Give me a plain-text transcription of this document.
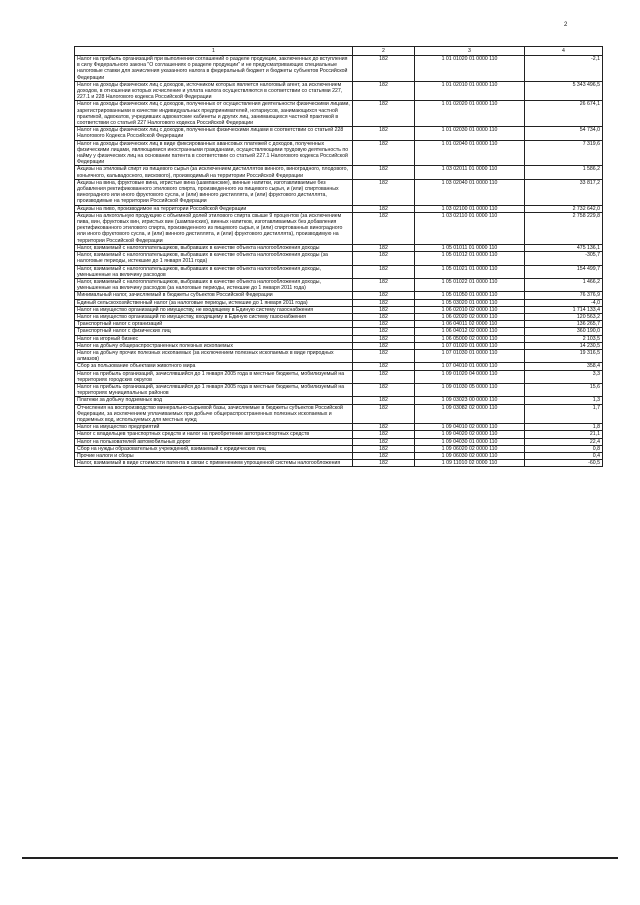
2
1	2	3	4
Налог на прибыль организаций при выполнении соглашений о разделе продукции, заключенных до вступления в силу Федерального закона "О соглашениях о разделе продукции" и не предусматривающих специальные налоговые ставки для зачисления указанного налога в федеральный бюджет и бюджеты субъектов Российской Федерации	182	1 01 01020 01 0000 110	-2,1
Налог на доходы физических лиц с доходов, источником которых является налоговый агент, за исключением доходов, в отношении которых исчисление и уплата налога осуществляются в соответствии со статьями 227, 227.1 и 228 Налогового кодекса Российской Федерации	182	1 01 02010 01 0000 110	5 343 496,5
Налог на доходы физических лиц с доходов, полученных от осуществления деятельности физическими лицами, зарегистрированными в качестве индивидуальных предпринимателей, нотариусов, занимающихся частной практикой, адвокатов, учредивших адвокатские кабинеты и других лиц, занимающихся частной практикой в соответствии со статьей 227 Налогового кодекса Российской Федерации	182	1 01 02020 01 0000 110	26 674,1
Налог на доходы физических лиц с доходов, полученных физическими лицами в соответствии со статьей 228 Налогового Кодекса Российской Федерации	182	1 01 02030 01 0000 110	54 734,0
Налог на доходы физических лиц в виде фиксированных авансовых платежей с доходов, полученных физическими лицами, являющимися иностранными гражданами, осуществляющими трудовую деятельность по найму у физических лиц на основании патента в соответствии со статьей 227.1 Налогового кодекса Российской Федерации	182	1 01 02040 01 0000 110	7 319,6
Акцизы на этиловый спирт из пищевого сырья (за исключением дистиллятов винного, виноградного, плодового, коньячного, кальвадосного, вискового), производимый на территории Российской Федерации	182	1 03 02011 01 0000 110	1 586,2
Акцизы на вина, фруктовые вина, игристые вина (шампанские), винные напитки, изготавливаемые без добавления ректификованного этилового спирта, произведенного из пищевого сырья, и (или) спиртованных виноградного или иного фруктового сусла, и (или) винного дистиллята, и (или) фруктового дистиллята, производимые на территории Российской Федерации	182	1 03 02040 01 0000 110	33 817,2
Акцизы на пиво, производимое на территории Российской Федерации	182	1 03 02100 01 0000 110	2 732 642,0
Акцизы на алкогольную продукцию с объемной долей этилового спирта свыше 9 процентов (за исключением пива, вин, фруктовых вин, игристых вин (шампанских), винных напитков, изготавливаемых без добавления ректификованного этилового спирта, произведенного из пищевого сырья, и (или) спиртованных виноградного или иного фруктового сусла, и (или) винного дистиллята, и (или) фруктового дистиллята), производимую на территории Российской Федерации	182	1 03 02110 01 0000 110	2 758 229,8
Налог, взимаемый с налогоплательщиков, выбравших в качестве объекта налогообложения доходы	182	1 05 01011 01 0000 110	475 136,1
Налог, взимаемый с налогоплательщиков, выбравших в качестве объекта налогообложения доходы (за налоговые периоды, истекшие до 1 января 2011 года)	182	1 05 01012 01 0000 110	-305,7
Налог, взимаемый с налогоплательщиков, выбравших в качестве объекта налогообложения доходы, уменьшенные на величину расходов	182	1 05 01021 01 0000 110	154 499,7
Налог, взимаемый с налогоплательщиков, выбравших в качестве объекта налогообложения доходы, уменьшенные на величину расходов (за налоговые периоды, истекшие до 1 января 2011 года)	182	1 05 01022 01 0000 110	1 466,2
Минимальный налог, зачисляемый в бюджеты субъектов Российской Федерации	182	1 05 01050 01 0000 110	76 376,9
Единый сельскохозяйственный налог (за налоговые периоды, истекшие до 1 января 2011 года)	182	1 05 03020 01 0000 110	-4,0
Налог на имущество организаций по имуществу, не входящему в Единую систему газоснабжения	182	1 06 02010 02 0000 110	1 714 133,4
Налог на имущество организаций по имуществу, входящему в Единую систему газоснабжения	182	1 06 02020 02 0000 110	120 563,2
Транспортный налог с организаций	182	1 06 04011 02 0000 110	136 265,7
Транспортный налог с физических лиц	182	1 06 04012 02 0000 110	360 190,0
Налог на игорный бизнес	182	1 06 05000 02 0000 110	2 103,5
Налог на добычу общераспространенных полезных ископаемых	182	1 07 01020 01 0000 110	14 230,5
Налог на добычу прочих полезных ископаемых (за исключением полезных ископаемых в виде природных алмазов)	182	1 07 01030 01 0000 110	19 316,5
Сбор за пользование объектами животного мира	182	1 07 04010 01 0000 110	358,4
Налог на прибыль организаций, зачислявшийся до 1 января 2005 года в местные бюджеты, мобилизуемый на территориях городских округов	182	1 09 01020 04 0000 110	3,3
Налог на прибыль организаций, зачислявшийся до 1 января 2005 года в местные бюджеты, мобилизуемый на территориях муниципальных районов	182	1 09 01030 05 0000 110	15,6
Платежи за добычу подземных вод	182	1 09 03023 00 0000 110	1,3
Отчисления на воспроизводство минерально-сырьевой базы, зачисляемые в бюджеты субъектов Российской Федерации, за исключением уплачиваемых при добыче общераспространенных полезных ископаемых и подземных вод, используемых для местных нужд	182	1 09 03082 02 0000 110	1,7
Налог на имущество предприятий	182	1 09 04010 02 0000 110	1,8
Налог с владельцев транспортных средств и налог на приобретение автотранспортных средств	182	1 09 04020 02 0000 110	21,1
Налог на пользователей автомобильных дорог	182	1 09 04030 01 0000 110	22,4
Сбор на нужды образовательных учреждений, взимаемый с юридических лиц	182	1 09 06020 02 0000 110	0,8
Прочие налоги и сборы	182	1 09 06030 02 0000 110	0,4
Налог, взимаемый в виде стоимости патента в связи с применением упрощенной системы налогообложения	182	1 09 11010 02 0000 110	-60,5
